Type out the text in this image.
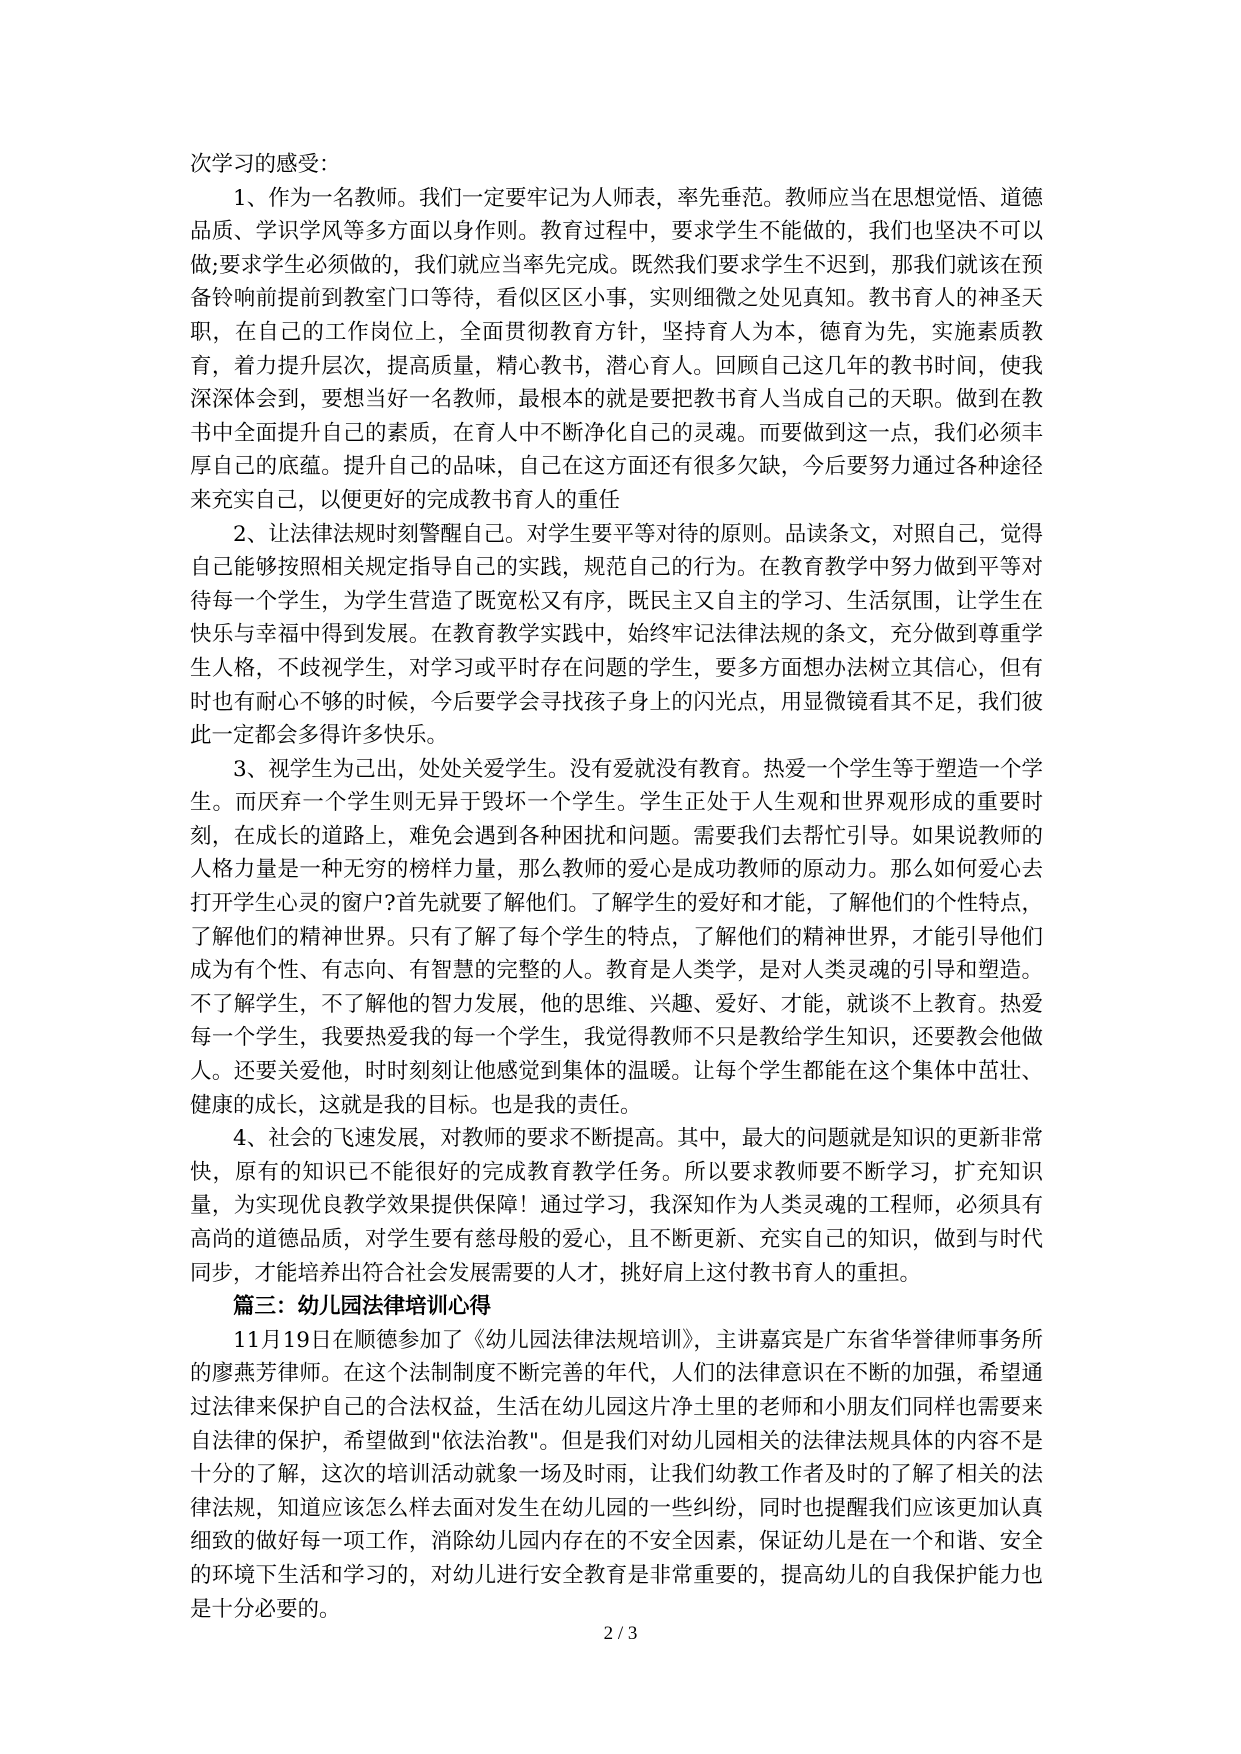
次学习的感受：

1、作为一名教师。我们一定要牢记为人师表，率先垂范。教师应当在思想觉悟、道德品质、学识学风等多方面以身作则。教育过程中，要求学生不能做的，我们也坚决不可以做;要求学生必须做的，我们就应当率先完成。既然我们要求学生不迟到，那我们就该在预备铃响前提前到教室门口等待，看似区区小事，实则细微之处见真知。教书育人的神圣天职，在自己的工作岗位上，全面贯彻教育方针，坚持育人为本，德育为先，实施素质教育，着力提升层次，提高质量，精心教书，潜心育人。回顾自己这几年的教书时间，使我深深体会到，要想当好一名教师，最根本的就是要把教书育人当成自己的天职。做到在教书中全面提升自己的素质，在育人中不断净化自己的灵魂。而要做到这一点，我们必须丰厚自己的底蕴。提升自己的品味，自己在这方面还有很多欠缺，今后要努力通过各种途径来充实自己，以便更好的完成教书育人的重任

2、让法律法规时刻警醒自己。对学生要平等对待的原则。品读条文，对照自己，觉得自己能够按照相关规定指导自己的实践，规范自己的行为。在教育教学中努力做到平等对待每一个学生，为学生营造了既宽松又有序，既民主又自主的学习、生活氛围，让学生在快乐与幸福中得到发展。在教育教学实践中，始终牢记法律法规的条文，充分做到尊重学生人格，不歧视学生，对学习或平时存在问题的学生，要多方面想办法树立其信心，但有时也有耐心不够的时候，今后要学会寻找孩子身上的闪光点，用显微镜看其不足，我们彼此一定都会多得许多快乐。

3、视学生为己出，处处关爱学生。没有爱就没有教育。热爱一个学生等于塑造一个学生。而厌弃一个学生则无异于毁坏一个学生。学生正处于人生观和世界观形成的重要时刻，在成长的道路上，难免会遇到各种困扰和问题。需要我们去帮忙引导。如果说教师的人格力量是一种无穷的榜样力量，那么教师的爱心是成功教师的原动力。那么如何爱心去打开学生心灵的窗户?首先就要了解他们。了解学生的爱好和才能，了解他们的个性特点，了解他们的精神世界。只有了解了每个学生的特点，了解他们的精神世界，才能引导他们成为有个性、有志向、有智慧的完整的人。教育是人类学，是对人类灵魂的引导和塑造。不了解学生，不了解他的智力发展，他的思维、兴趣、爱好、才能，就谈不上教育。热爱每一个学生，我要热爱我的每一个学生，我觉得教师不只是教给学生知识，还要教会他做人。还要关爱他，时时刻刻让他感觉到集体的温暖。让每个学生都能在这个集体中茁壮、健康的成长，这就是我的目标。也是我的责任。

4、社会的飞速发展，对教师的要求不断提高。其中，最大的问题就是知识的更新非常快，原有的知识已不能很好的完成教育教学任务。所以要求教师要不断学习，扩充知识量，为实现优良教学效果提供保障！通过学习，我深知作为人类灵魂的工程师，必须具有高尚的道德品质，对学生要有慈母般的爱心，且不断更新、充实自己的知识，做到与时代同步，才能培养出符合社会发展需要的人才，挑好肩上这付教书育人的重担。

篇三：幼儿园法律培训心得

11月19日在顺德参加了《幼儿园法律法规培训》，主讲嘉宾是广东省华誉律师事务所的廖燕芳律师。在这个法制制度不断完善的年代，人们的法律意识在不断的加强，希望通过法律来保护自己的合法权益，生活在幼儿园这片净土里的老师和小朋友们同样也需要来自法律的保护，希望做到"依法治教"。但是我们对幼儿园相关的法律法规具体的内容不是十分的了解，这次的培训活动就象一场及时雨，让我们幼教工作者及时的了解了相关的法律法规，知道应该怎么样去面对发生在幼儿园的一些纠纷，同时也提醒我们应该更加认真细致的做好每一项工作，消除幼儿园内存在的不安全因素，保证幼儿是在一个和谐、安全的环境下生活和学习的，对幼儿进行安全教育是非常重要的，提高幼儿的自我保护能力也是十分必要的。

2 / 3
